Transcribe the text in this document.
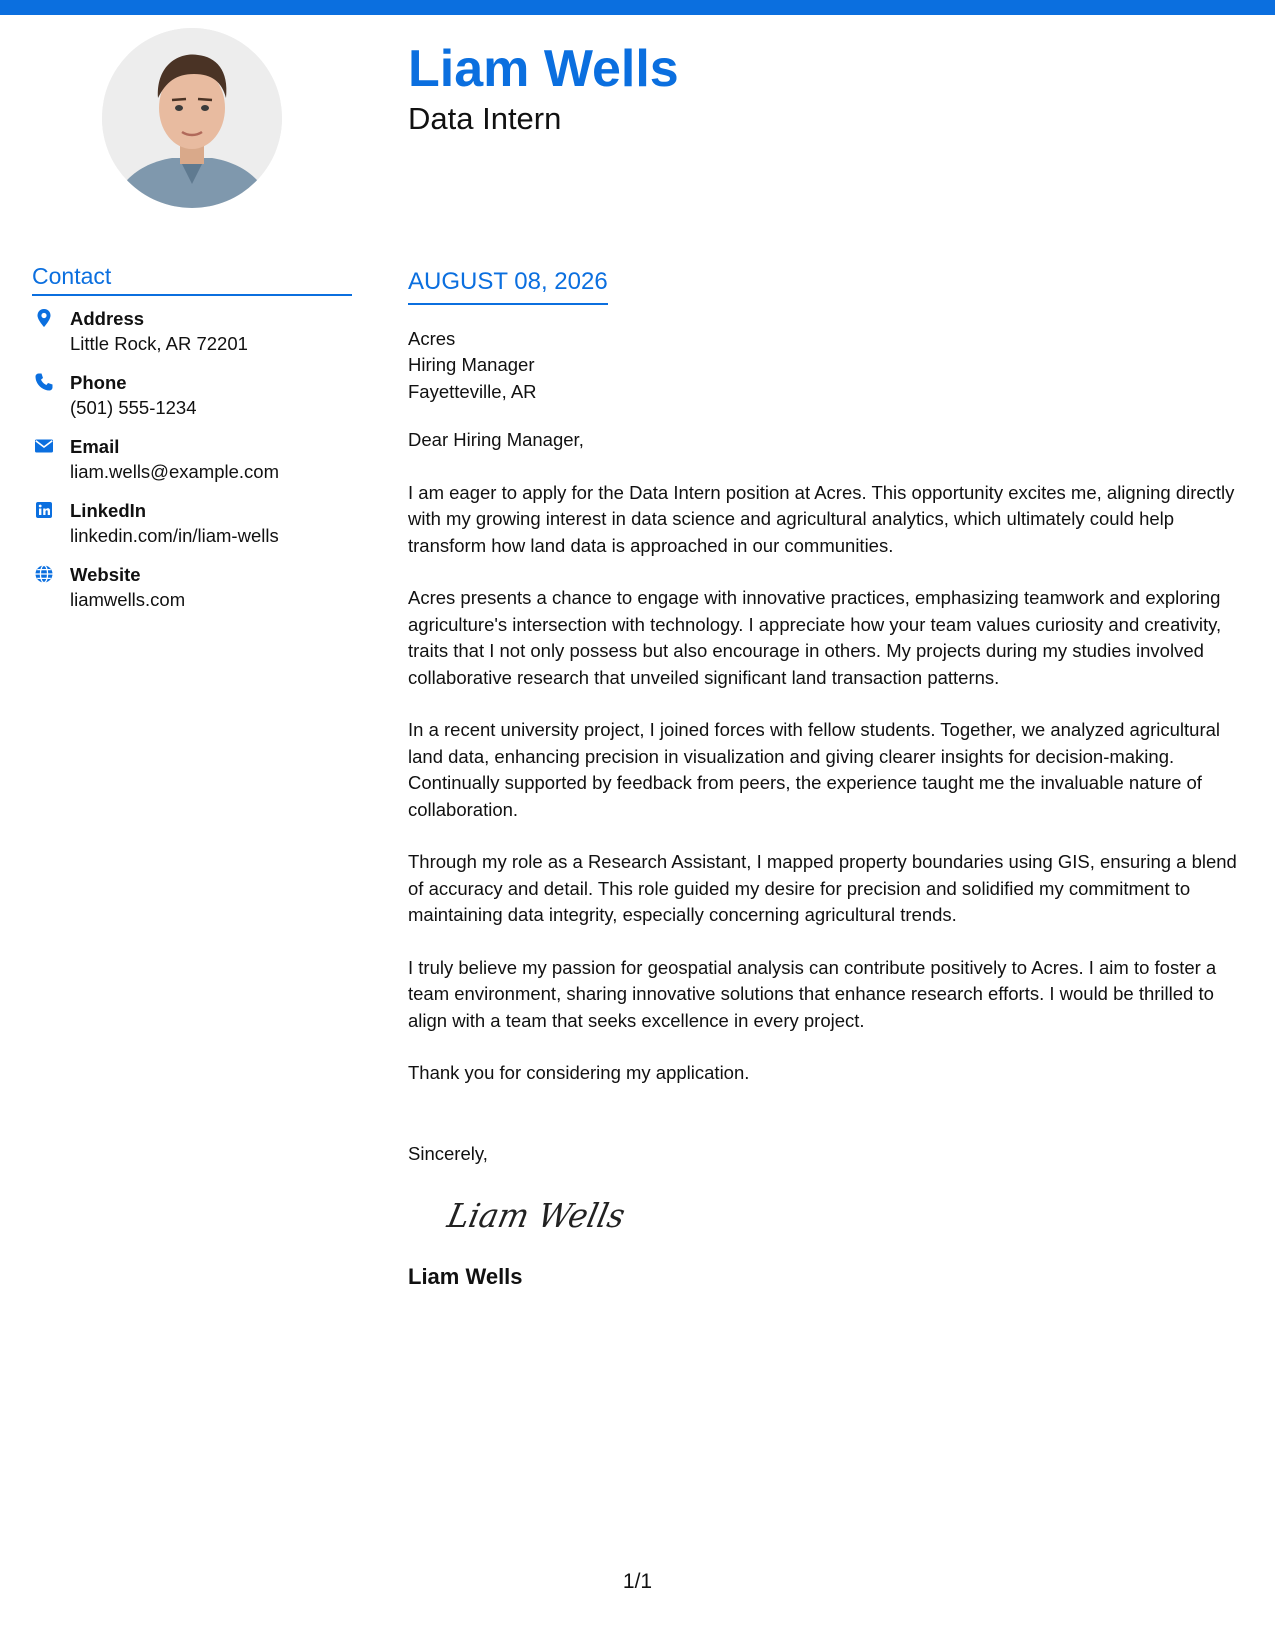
Liam Wells
Data Intern
Contact
Address
Little Rock, AR 72201
Phone
(501) 555-1234
Email
liam.wells@example.com
LinkedIn
linkedin.com/in/liam-wells
Website
liamwells.com
AUGUST 08, 2026
Acres
Hiring Manager
Fayetteville, AR
Dear Hiring Manager,

I am eager to apply for the Data Intern position at Acres. This opportunity excites me, aligning directly with my growing interest in data science and agricultural analytics, which ultimately could help transform how land data is approached in our communities.

Acres presents a chance to engage with innovative practices, emphasizing teamwork and exploring agriculture's intersection with technology. I appreciate how your team values curiosity and creativity, traits that I not only possess but also encourage in others. My projects during my studies involved collaborative research that unveiled significant land transaction patterns.

In a recent university project, I joined forces with fellow students. Together, we analyzed agricultural land data, enhancing precision in visualization and giving clearer insights for decision-making. Continually supported by feedback from peers, the experience taught me the invaluable nature of collaboration.

Through my role as a Research Assistant, I mapped property boundaries using GIS, ensuring a blend of accuracy and detail. This role guided my desire for precision and solidified my commitment to maintaining data integrity, especially concerning agricultural trends.

I truly believe my passion for geospatial analysis can contribute positively to Acres. I aim to foster a team environment, sharing innovative solutions that enhance research efforts. I would be thrilled to align with a team that seeks excellence in every project.

Thank you for considering my application.

Sincerely,
Liam Wells
Liam Wells
1/1
